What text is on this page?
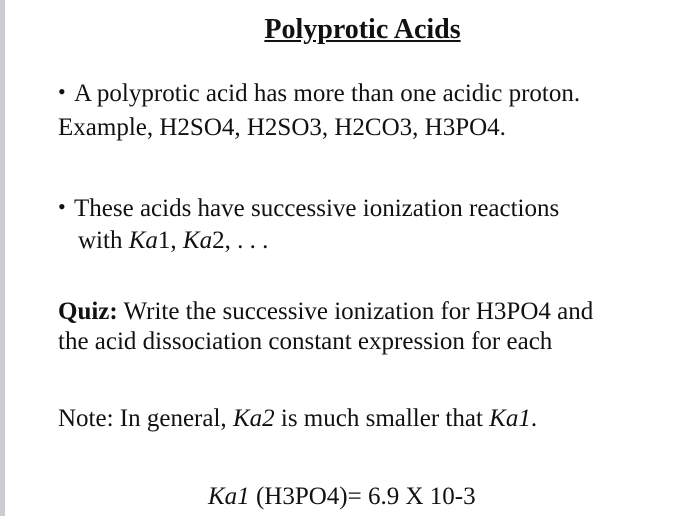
Polyprotic Acids
• A polyprotic acid has more than one acidic proton.
Example, H2SO4, H2SO3, H2CO3, H3PO4.
• These acids have successive ionization reactions
with Ka1, Ka2, . . .
Quiz: Write the successive ionization for H3PO4 and
the acid dissociation constant expression for each
Note: In general, Ka2 is much smaller that Ka1.
Ka1 (H3PO4)= 6.9 X 10-3
